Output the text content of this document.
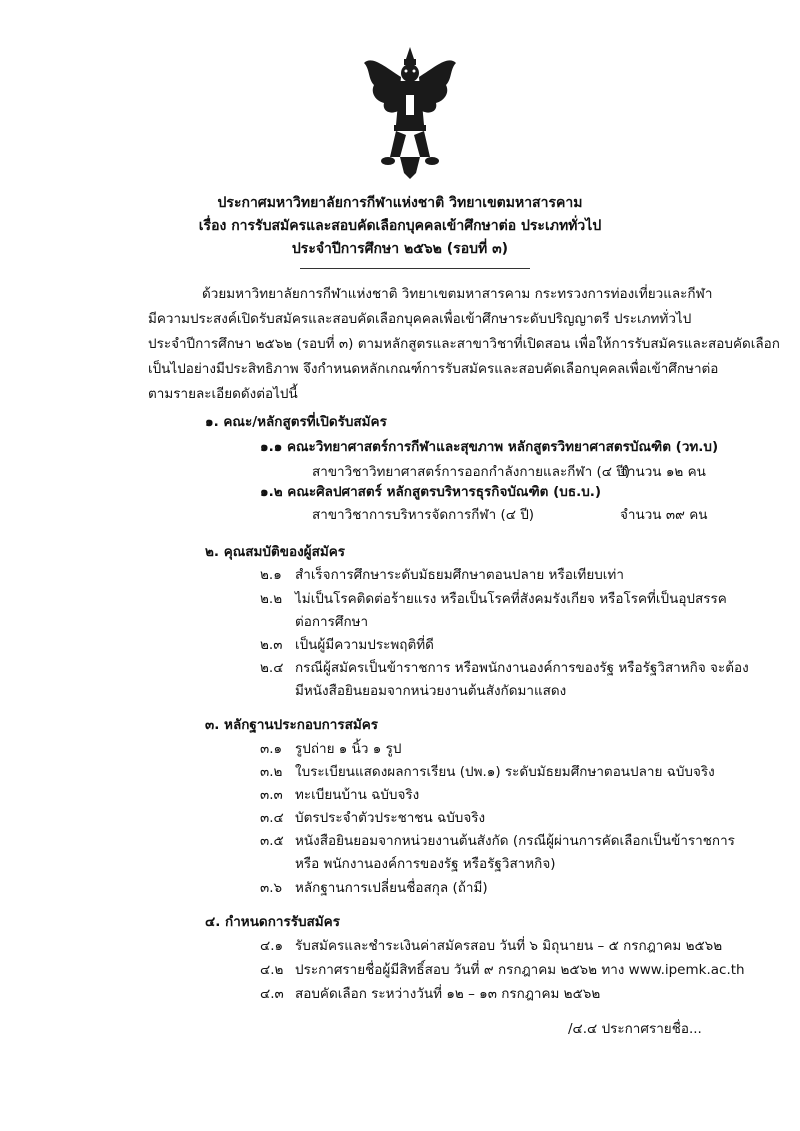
ประกาศมหาวิทยาลัยการกีฬาแห่งชาติ วิทยาเขตมหาสารคาม
เรื่อง การรับสมัครและสอบคัดเลือกบุคคลเข้าศึกษาต่อ ประเภททั่วไป
ประจำปีการศึกษา ๒๕๖๒ (รอบที่ ๓)
ด้วยมหาวิทยาลัยการกีฬาแห่งชาติ วิทยาเขตมหาสารคาม กระทรวงการท่องเที่ยวและกีฬา
มีความประสงค์เปิดรับสมัครและสอบคัดเลือกบุคคลเพื่อเข้าศึกษาระดับปริญญาตรี ประเภททั่วไป
ประจำปีการศึกษา ๒๕๖๒ (รอบที่ ๓) ตามหลักสูตรและสาขาวิชาที่เปิดสอน เพื่อให้การรับสมัครและสอบคัดเลือก
เป็นไปอย่างมีประสิทธิภาพ จึงกำหนดหลักเกณฑ์การรับสมัครและสอบคัดเลือกบุคคลเพื่อเข้าศึกษาต่อ
ตามรายละเอียดดังต่อไปนี้
๑. คณะ/หลักสูตรที่เปิดรับสมัคร
๑.๑ คณะวิทยาศาสตร์การกีฬาและสุขภาพ หลักสูตรวิทยาศาสตรบัณฑิต (วท.บ)
สาขาวิชาวิทยาศาสตร์การออกกำลังกายและกีฬา (๔ ปี)
จำนวน ๑๒ คน
๑.๒ คณะศิลปศาสตร์ หลักสูตรบริหารธุรกิจบัณฑิต (บธ.บ.)
สาขาวิชาการบริหารจัดการกีฬา (๔ ปี)	จำนวน ๓๙ คน
๒. คุณสมบัติของผู้สมัคร
๒.๑ สำเร็จการศึกษาระดับมัธยมศึกษาตอนปลาย หรือเทียบเท่า
๒.๒ ไม่เป็นโรคติดต่อร้ายแรง หรือเป็นโรคที่สังคมรังเกียจ หรือโรคที่เป็นอุปสรรค
ต่อการศึกษา
๒.๓ เป็นผู้มีความประพฤติที่ดี
๒.๔ กรณีผู้สมัครเป็นข้าราชการ หรือพนักงานองค์การของรัฐ หรือรัฐวิสาหกิจ จะต้อง
มีหนังสือยินยอมจากหน่วยงานต้นสังกัดมาแสดง
๓. หลักฐานประกอบการสมัคร
๓.๑ รูปถ่าย ๑ นิ้ว ๑ รูป
๓.๒ ใบระเบียนแสดงผลการเรียน (ปพ.๑) ระดับมัธยมศึกษาตอนปลาย ฉบับจริง
๓.๓ ทะเบียนบ้าน ฉบับจริง
๓.๔ บัตรประจำตัวประชาชน ฉบับจริง
๓.๕ หนังสือยินยอมจากหน่วยงานต้นสังกัด (กรณีผู้ผ่านการคัดเลือกเป็นข้าราชการ
หรือ พนักงานองค์การของรัฐ หรือรัฐวิสาหกิจ)
๓.๖ หลักฐานการเปลี่ยนชื่อสกุล (ถ้ามี)
๔. กำหนดการรับสมัคร
๔.๑ รับสมัครและชำระเงินค่าสมัครสอบ วันที่ ๖ มิถุนายน – ๕ กรกฎาคม ๒๕๖๒
๔.๒ ประกาศรายชื่อผู้มีสิทธิ์สอบ วันที่ ๙ กรกฎาคม ๒๕๖๒ ทาง www.ipemk.ac.th
๔.๓ สอบคัดเลือก ระหว่างวันที่ ๑๒ – ๑๓ กรกฎาคม ๒๕๖๒
/๔.๔ ประกาศรายชื่อ...
